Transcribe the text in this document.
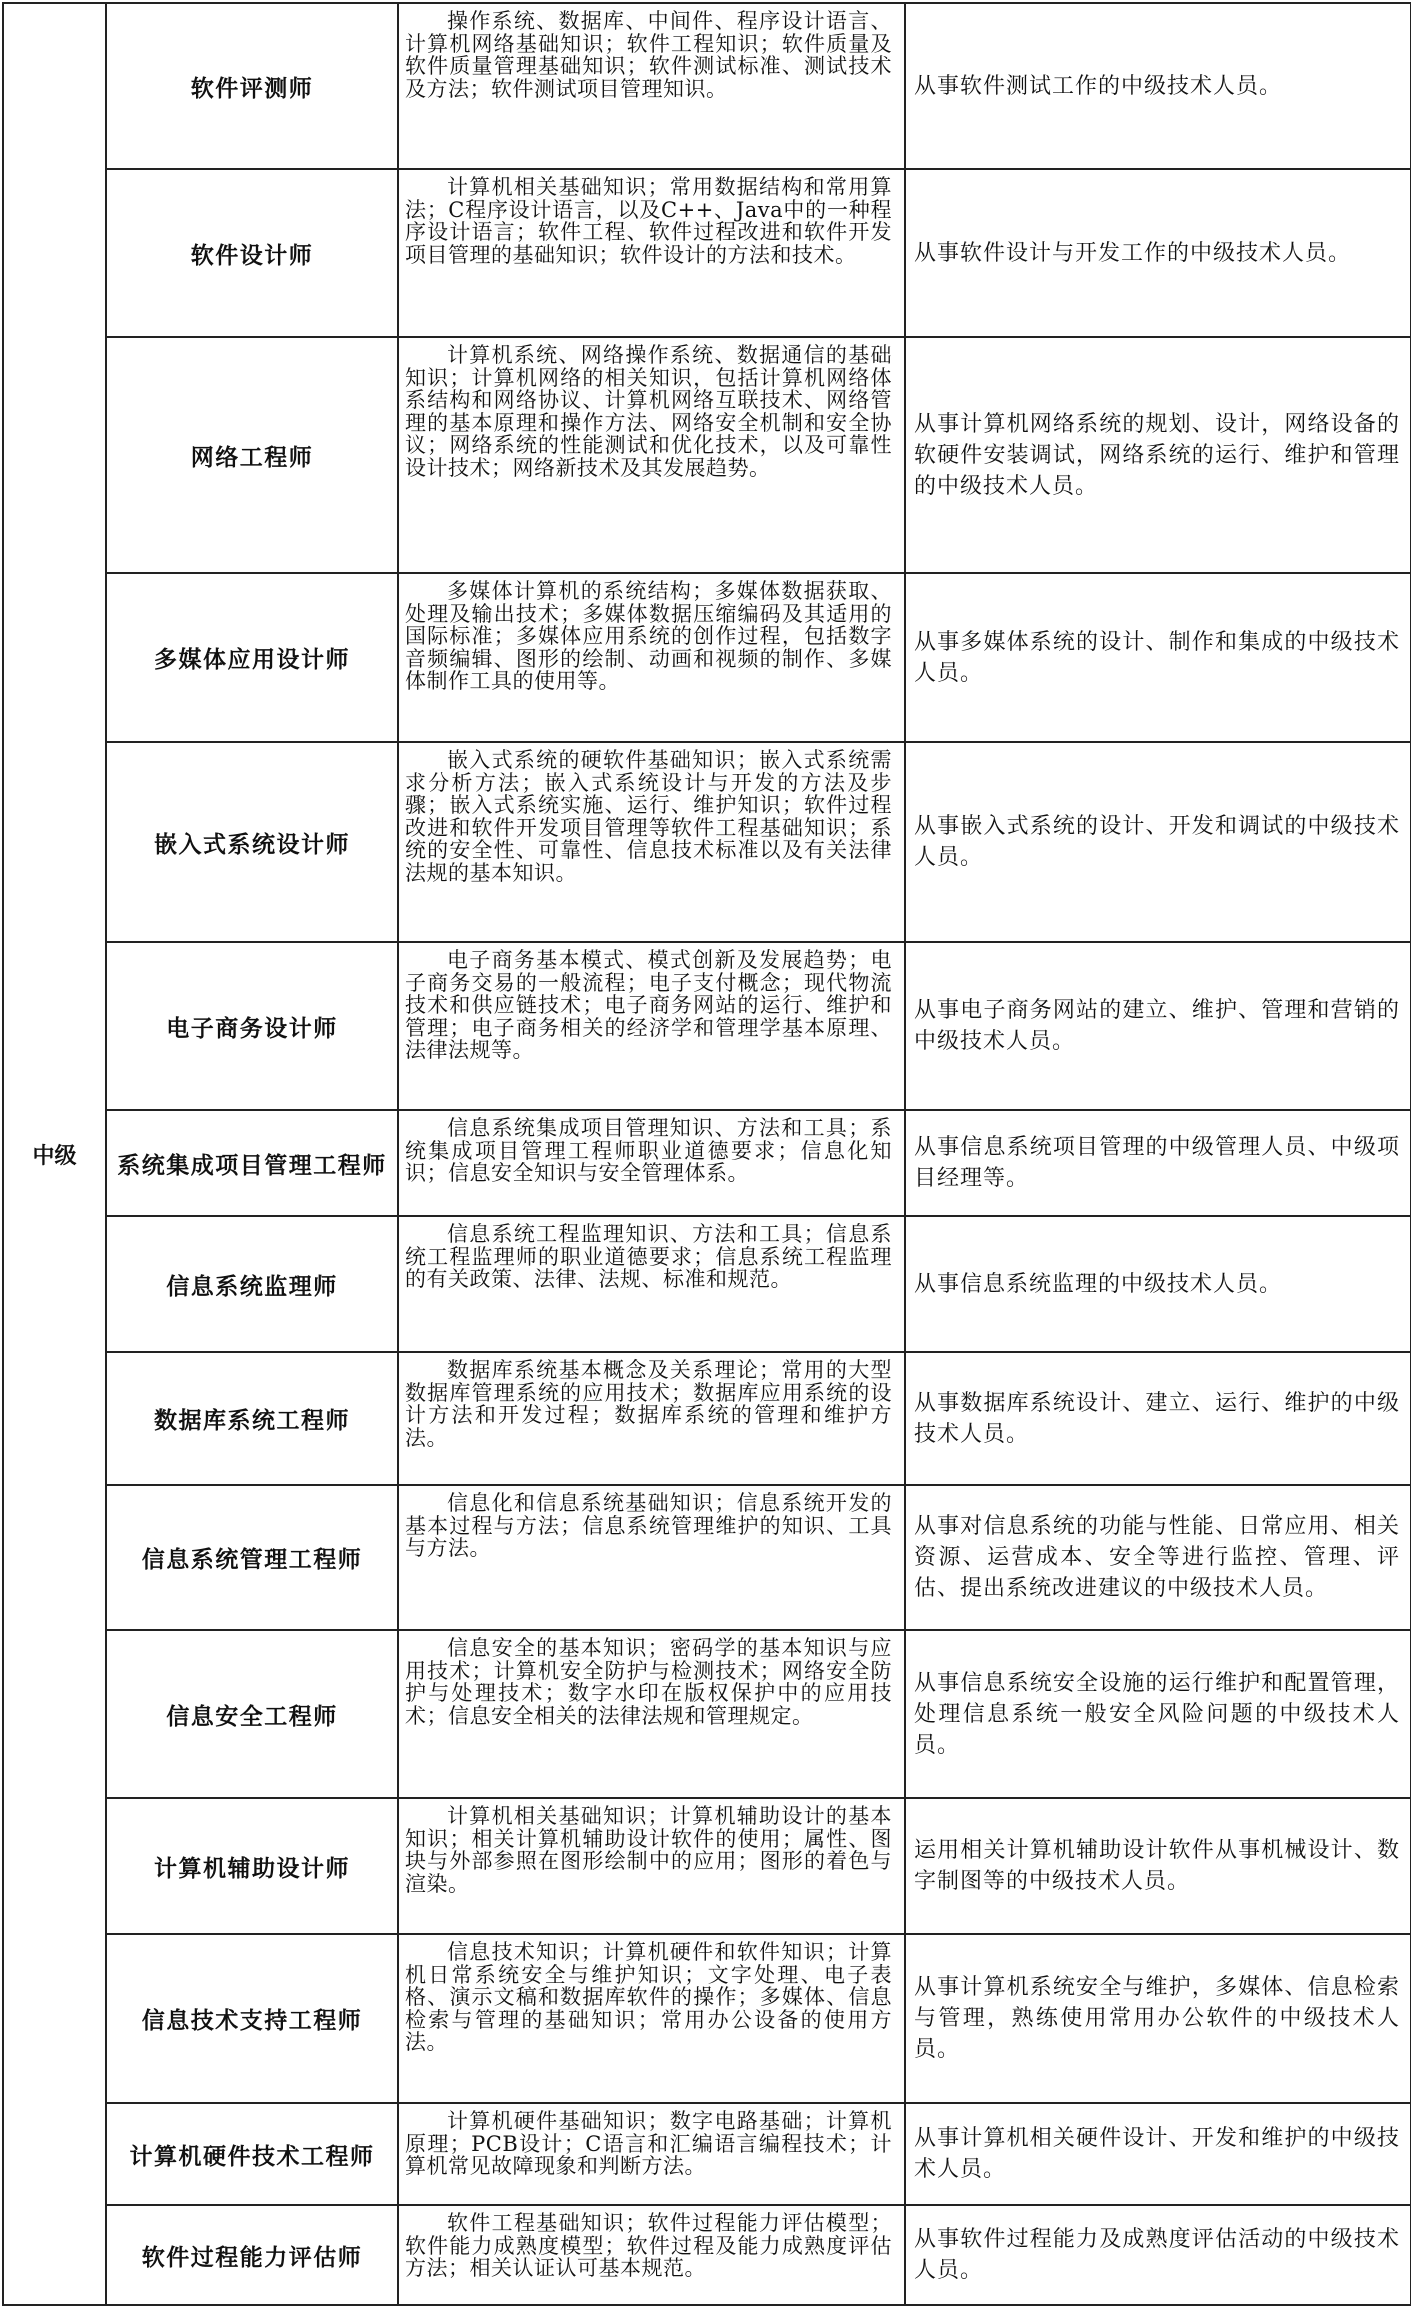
中级	软件评测师	操作系统、数据库、中间件、程序设计语言、计算机网络基础知识；软件工程知识；软件质量及软件质量管理基础知识；软件测试标准、测试技术及方法；软件测试项目管理知识。	从事软件测试工作的中级技术人员。
	软件设计师	计算机相关基础知识；常用数据结构和常用算法；C程序设计语言，以及C++、Java中的一种程序设计语言；软件工程、软件过程改进和软件开发项目管理的基础知识；软件设计的方法和技术。	从事软件设计与开发工作的中级技术人员。
	网络工程师	计算机系统、网络操作系统、数据通信的基础知识；计算机网络的相关知识，包括计算机网络体系结构和网络协议、计算机网络互联技术、网络管理的基本原理和操作方法、网络安全机制和安全协议；网络系统的性能测试和优化技术，以及可靠性设计技术；网络新技术及其发展趋势。	从事计算机网络系统的规划、设计，网络设备的软硬件安装调试，网络系统的运行、维护和管理的中级技术人员。
	多媒体应用设计师	多媒体计算机的系统结构；多媒体数据获取、处理及输出技术；多媒体数据压缩编码及其适用的国际标准；多媒体应用系统的创作过程，包括数字音频编辑、图形的绘制、动画和视频的制作、多媒体制作工具的使用等。	从事多媒体系统的设计、制作和集成的中级技术人员。
	嵌入式系统设计师	嵌入式系统的硬软件基础知识；嵌入式系统需求分析方法；嵌入式系统设计与开发的方法及步骤；嵌入式系统实施、运行、维护知识；软件过程改进和软件开发项目管理等软件工程基础知识；系统的安全性、可靠性、信息技术标准以及有关法律法规的基本知识。	从事嵌入式系统的设计、开发和调试的中级技术人员。
	电子商务设计师	电子商务基本模式、模式创新及发展趋势；电子商务交易的一般流程；电子支付概念；现代物流技术和供应链技术；电子商务网站的运行、维护和管理；电子商务相关的经济学和管理学基本原理、法律法规等。	从事电子商务网站的建立、维护、管理和营销的中级技术人员。
	系统集成项目管理工程师	信息系统集成项目管理知识、方法和工具；系统集成项目管理工程师职业道德要求；信息化知识；信息安全知识与安全管理体系。	从事信息系统项目管理的中级管理人员、中级项目经理等。
	信息系统监理师	信息系统工程监理知识、方法和工具；信息系统工程监理师的职业道德要求；信息系统工程监理的有关政策、法律、法规、标准和规范。	从事信息系统监理的中级技术人员。
	数据库系统工程师	数据库系统基本概念及关系理论；常用的大型数据库管理系统的应用技术；数据库应用系统的设计方法和开发过程；数据库系统的管理和维护方法。	从事数据库系统设计、建立、运行、维护的中级技术人员。
	信息系统管理工程师	信息化和信息系统基础知识；信息系统开发的基本过程与方法；信息系统管理维护的知识、工具与方法。	从事对信息系统的功能与性能、日常应用、相关资源、运营成本、安全等进行监控、管理、评估、提出系统改进建议的中级技术人员。
	信息安全工程师	信息安全的基本知识；密码学的基本知识与应用技术；计算机安全防护与检测技术；网络安全防护与处理技术；数字水印在版权保护中的应用技术；信息安全相关的法律法规和管理规定。	从事信息系统安全设施的运行维护和配置管理，处理信息系统一般安全风险问题的中级技术人员。
	计算机辅助设计师	计算机相关基础知识；计算机辅助设计的基本知识；相关计算机辅助设计软件的使用；属性、图块与外部参照在图形绘制中的应用；图形的着色与渲染。	运用相关计算机辅助设计软件从事机械设计、数字制图等的中级技术人员。
	信息技术支持工程师	信息技术知识；计算机硬件和软件知识；计算机日常系统安全与维护知识；文字处理、电子表格、演示文稿和数据库软件的操作；多媒体、信息检索与管理的基础知识；常用办公设备的使用方法。	从事计算机系统安全与维护，多媒体、信息检索与管理，熟练使用常用办公软件的中级技术人员。
	计算机硬件技术工程师	计算机硬件基础知识；数字电路基础；计算机原理；PCB设计；C语言和汇编语言编程技术；计算机常见故障现象和判断方法。	从事计算机相关硬件设计、开发和维护的中级技术人员。
	软件过程能力评估师	软件工程基础知识；软件过程能力评估模型；软件能力成熟度模型；软件过程及能力成熟度评估方法；相关认证认可基本规范。	从事软件过程能力及成熟度评估活动的中级技术人员。
